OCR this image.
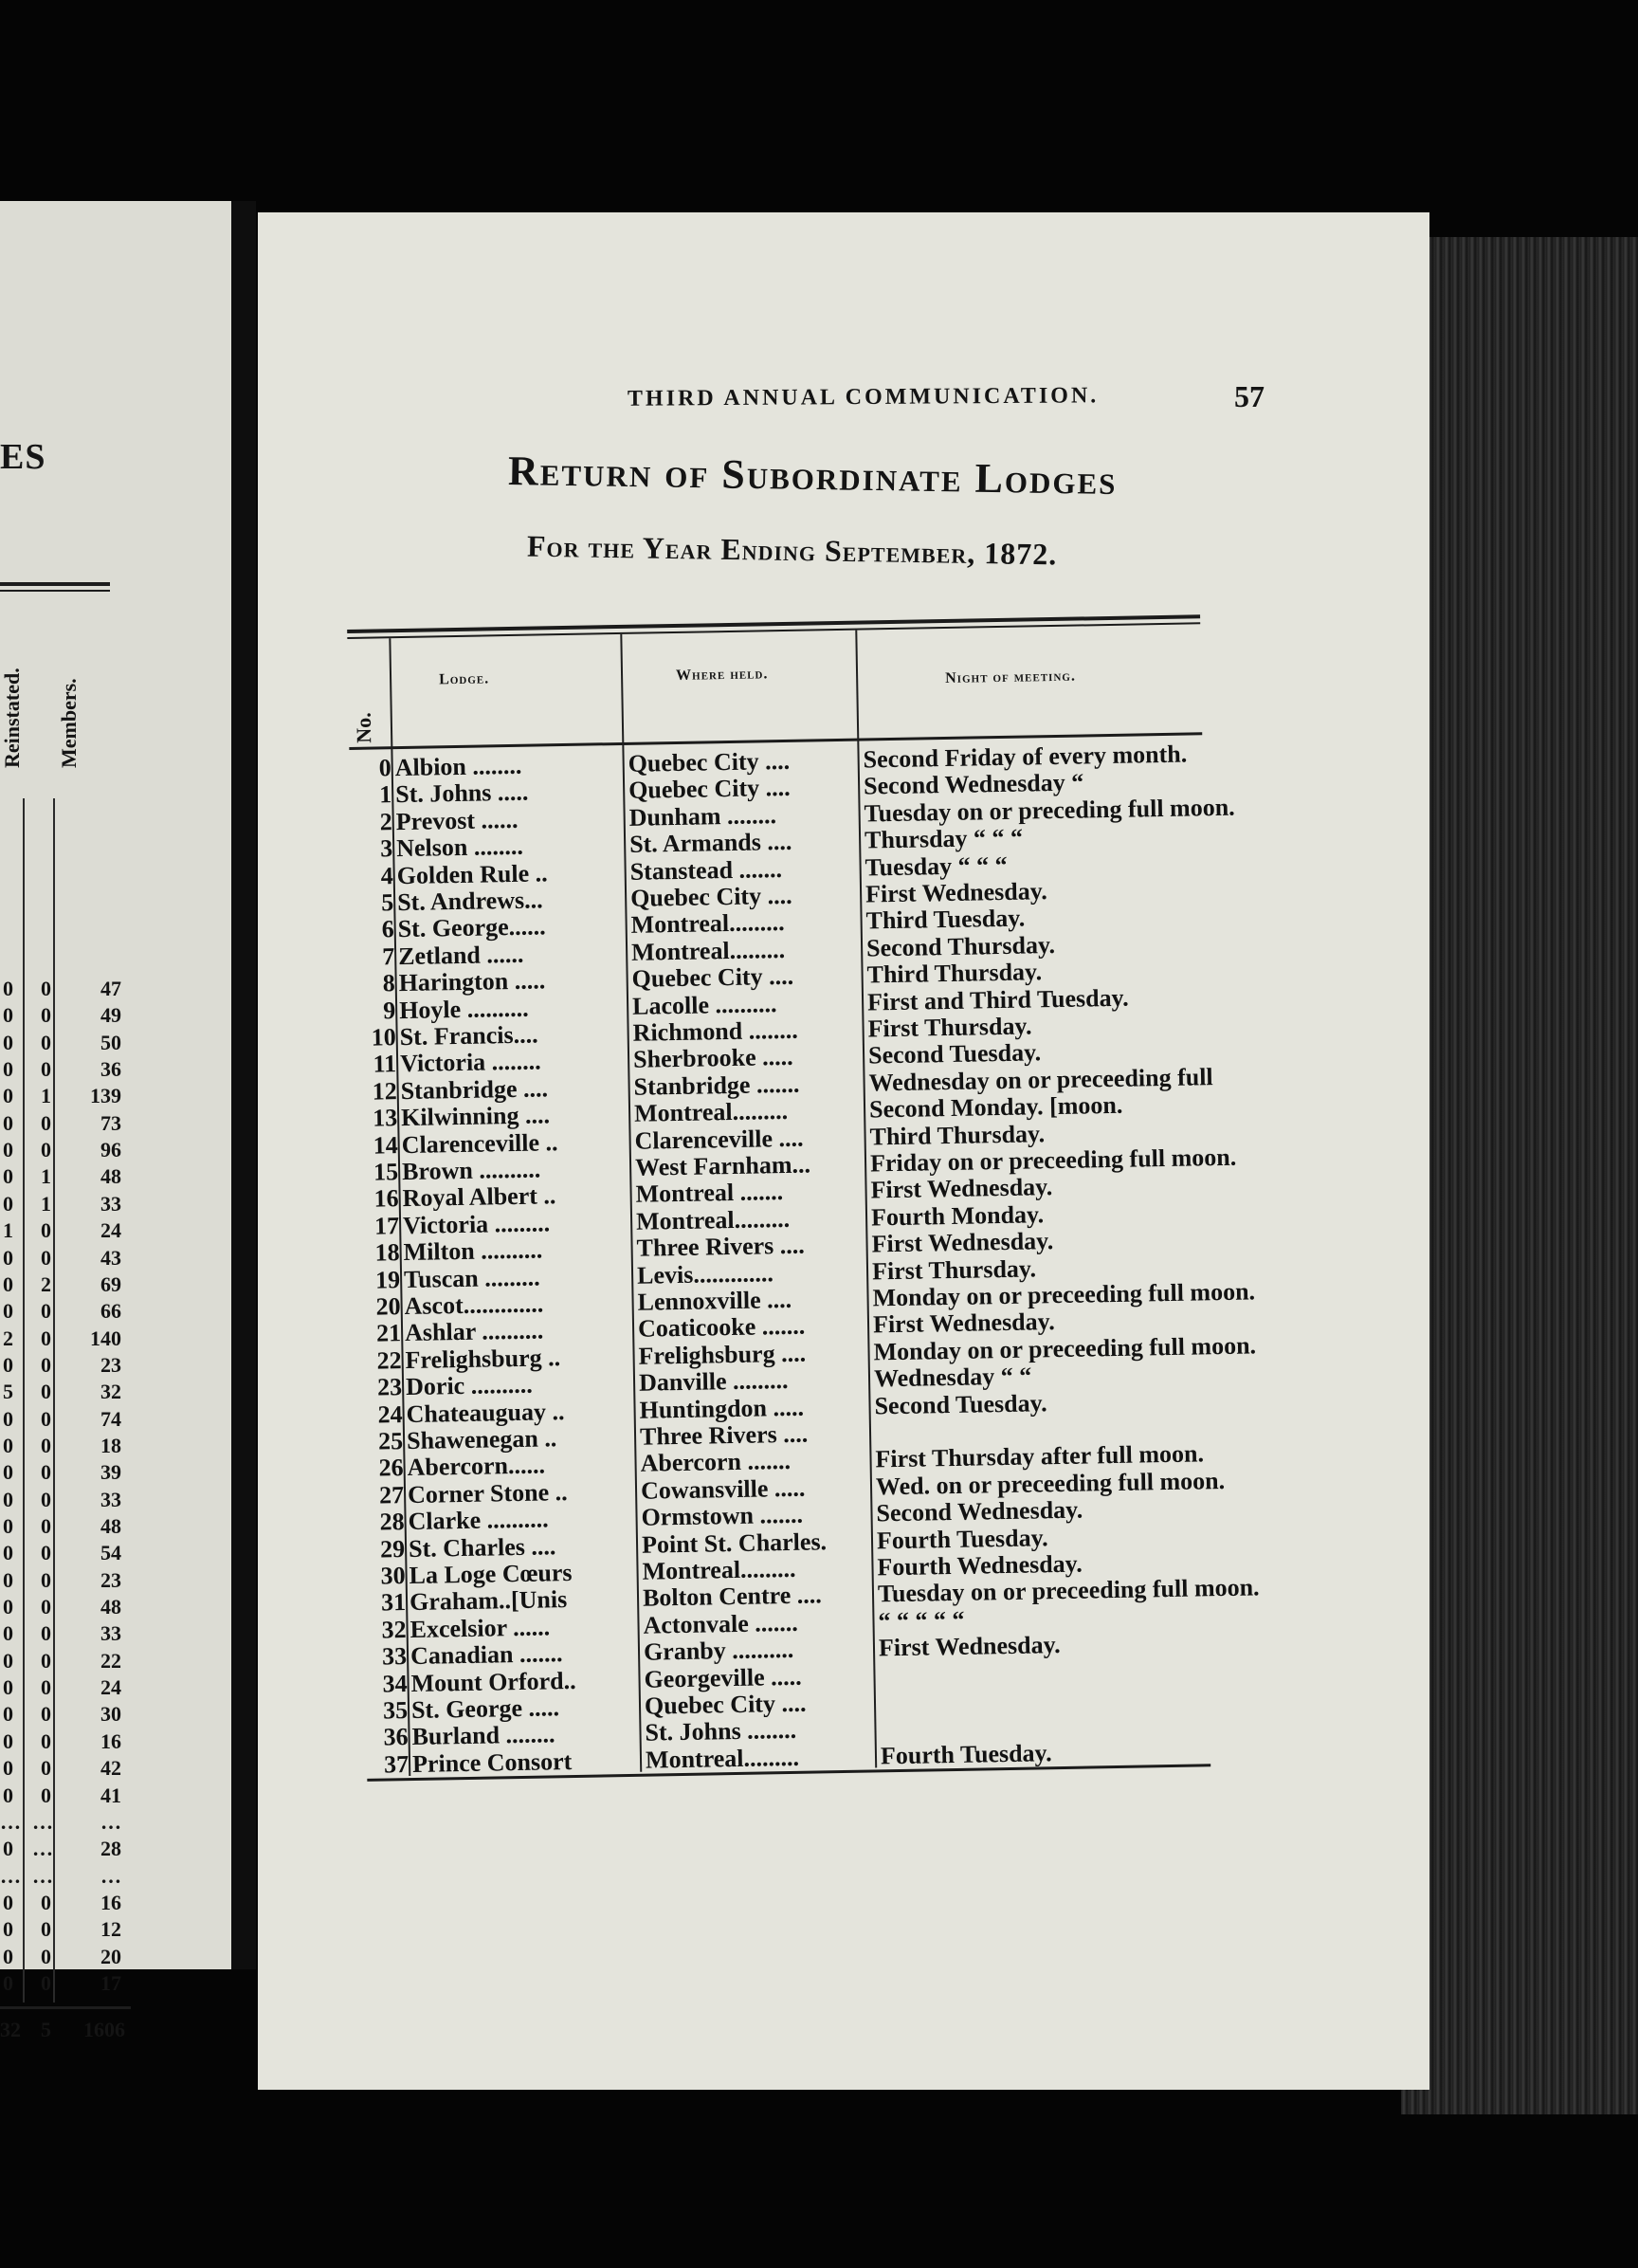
ES
Reinstated.	Members.
0	0	47
0	0	49
0	0	50
0	0	36
0	1	139
0	0	73
0	0	96
0	1	48
0	1	33
1	0	24
0	0	43
0	2	69
0	0	66
2	0	140
0	0	23
5	0	32
0	0	74
0	0	18
0	0	39
0	0	33
0	0	48
0	0	54
0	0	23
0	0	48
0	0	33
0	0	22
0	0	24
0	0	30
0	0	16
0	0	42
0	0	41
… …	…
0 …	28
… …	…
0	0	16
0	0	12
0	0	20
0	0	17
32 5	1606
THIRD ANNUAL COMMUNICATION.	57
Return of Subordinate Lodges
For the Year Ending September, 1872.
No.
Lodge.	Where held.	Night of meeting.
0 Albion ........	Quebec City ....	Second Friday of every month.
1 St. Johns .....	Quebec City ....	Second Wednesday “
2 Prevost ......	Dunham ........	Tuesday on or preceding full moon.
3 Nelson ........	St. Armands ....	Thursday “ “ “
4 Golden Rule ..	Stanstead .......	Tuesday “ “ “
5 St. Andrews...	Quebec City ....	First Wednesday.
6 St. George......	Montreal.........	Third Tuesday.
7 Zetland ......	Montreal.........	Second Thursday.
8 Harington .....	Quebec City ....	Third Thursday.
9 Hoyle ..........	Lacolle ..........	First and Third Tuesday.
10 St. Francis....	Richmond ........	First Thursday.
11 Victoria ........	Sherbrooke .....	Second Tuesday.
12 Stanbridge ....	Stanbridge .......	Wednesday on or preceeding full
13 Kilwinning ....	Montreal.........	Second Monday. [moon.
14 Clarenceville ..	Clarenceville ....	Third Thursday.
15 Brown ..........	West Farnham...	Friday on or preceeding full moon.
16 Royal Albert ..	Montreal .......	First Wednesday.
17 Victoria .........	Montreal.........	Fourth Monday.
18 Milton ..........	Three Rivers ....	First Wednesday.
19 Tuscan .........	Levis.............	First Thursday.
20 Ascot.............	Lennoxville ....	Monday on or preceeding full moon.
21 Ashlar ..........	Coaticooke .......	First Wednesday.
22 Frelighsburg ..	Frelighsburg ....	Monday on or preceeding full moon.
23 Doric ..........	Danville .........	Wednesday “ “
24 Chateauguay ..	Huntingdon .....	Second Tuesday.
25 Shawenegan ..	Three Rivers ....
26 Abercorn......	Abercorn .......	First Thursday after full moon.
27 Corner Stone ..	Cowansville .....	Wed. on or preceeding full moon.
28 Clarke ..........	Ormstown .......	Second Wednesday.
29 St. Charles ....	Point St. Charles.	Fourth Tuesday.
30 La Loge Cœurs	Montreal.........	Fourth Wednesday.
31 Graham..[Unis	Bolton Centre ....	Tuesday on or preceeding full moon.
32 Excelsior ......	Actonvale .......	“ “ “ “ “
33 Canadian .......	Granby ..........	First Wednesday.
34 Mount Orford..	Georgeville .....
35 St. George .....	Quebec City ....
36 Burland ........	St. Johns ........
37 Prince Consort	Montreal.........	Fourth Tuesday.
